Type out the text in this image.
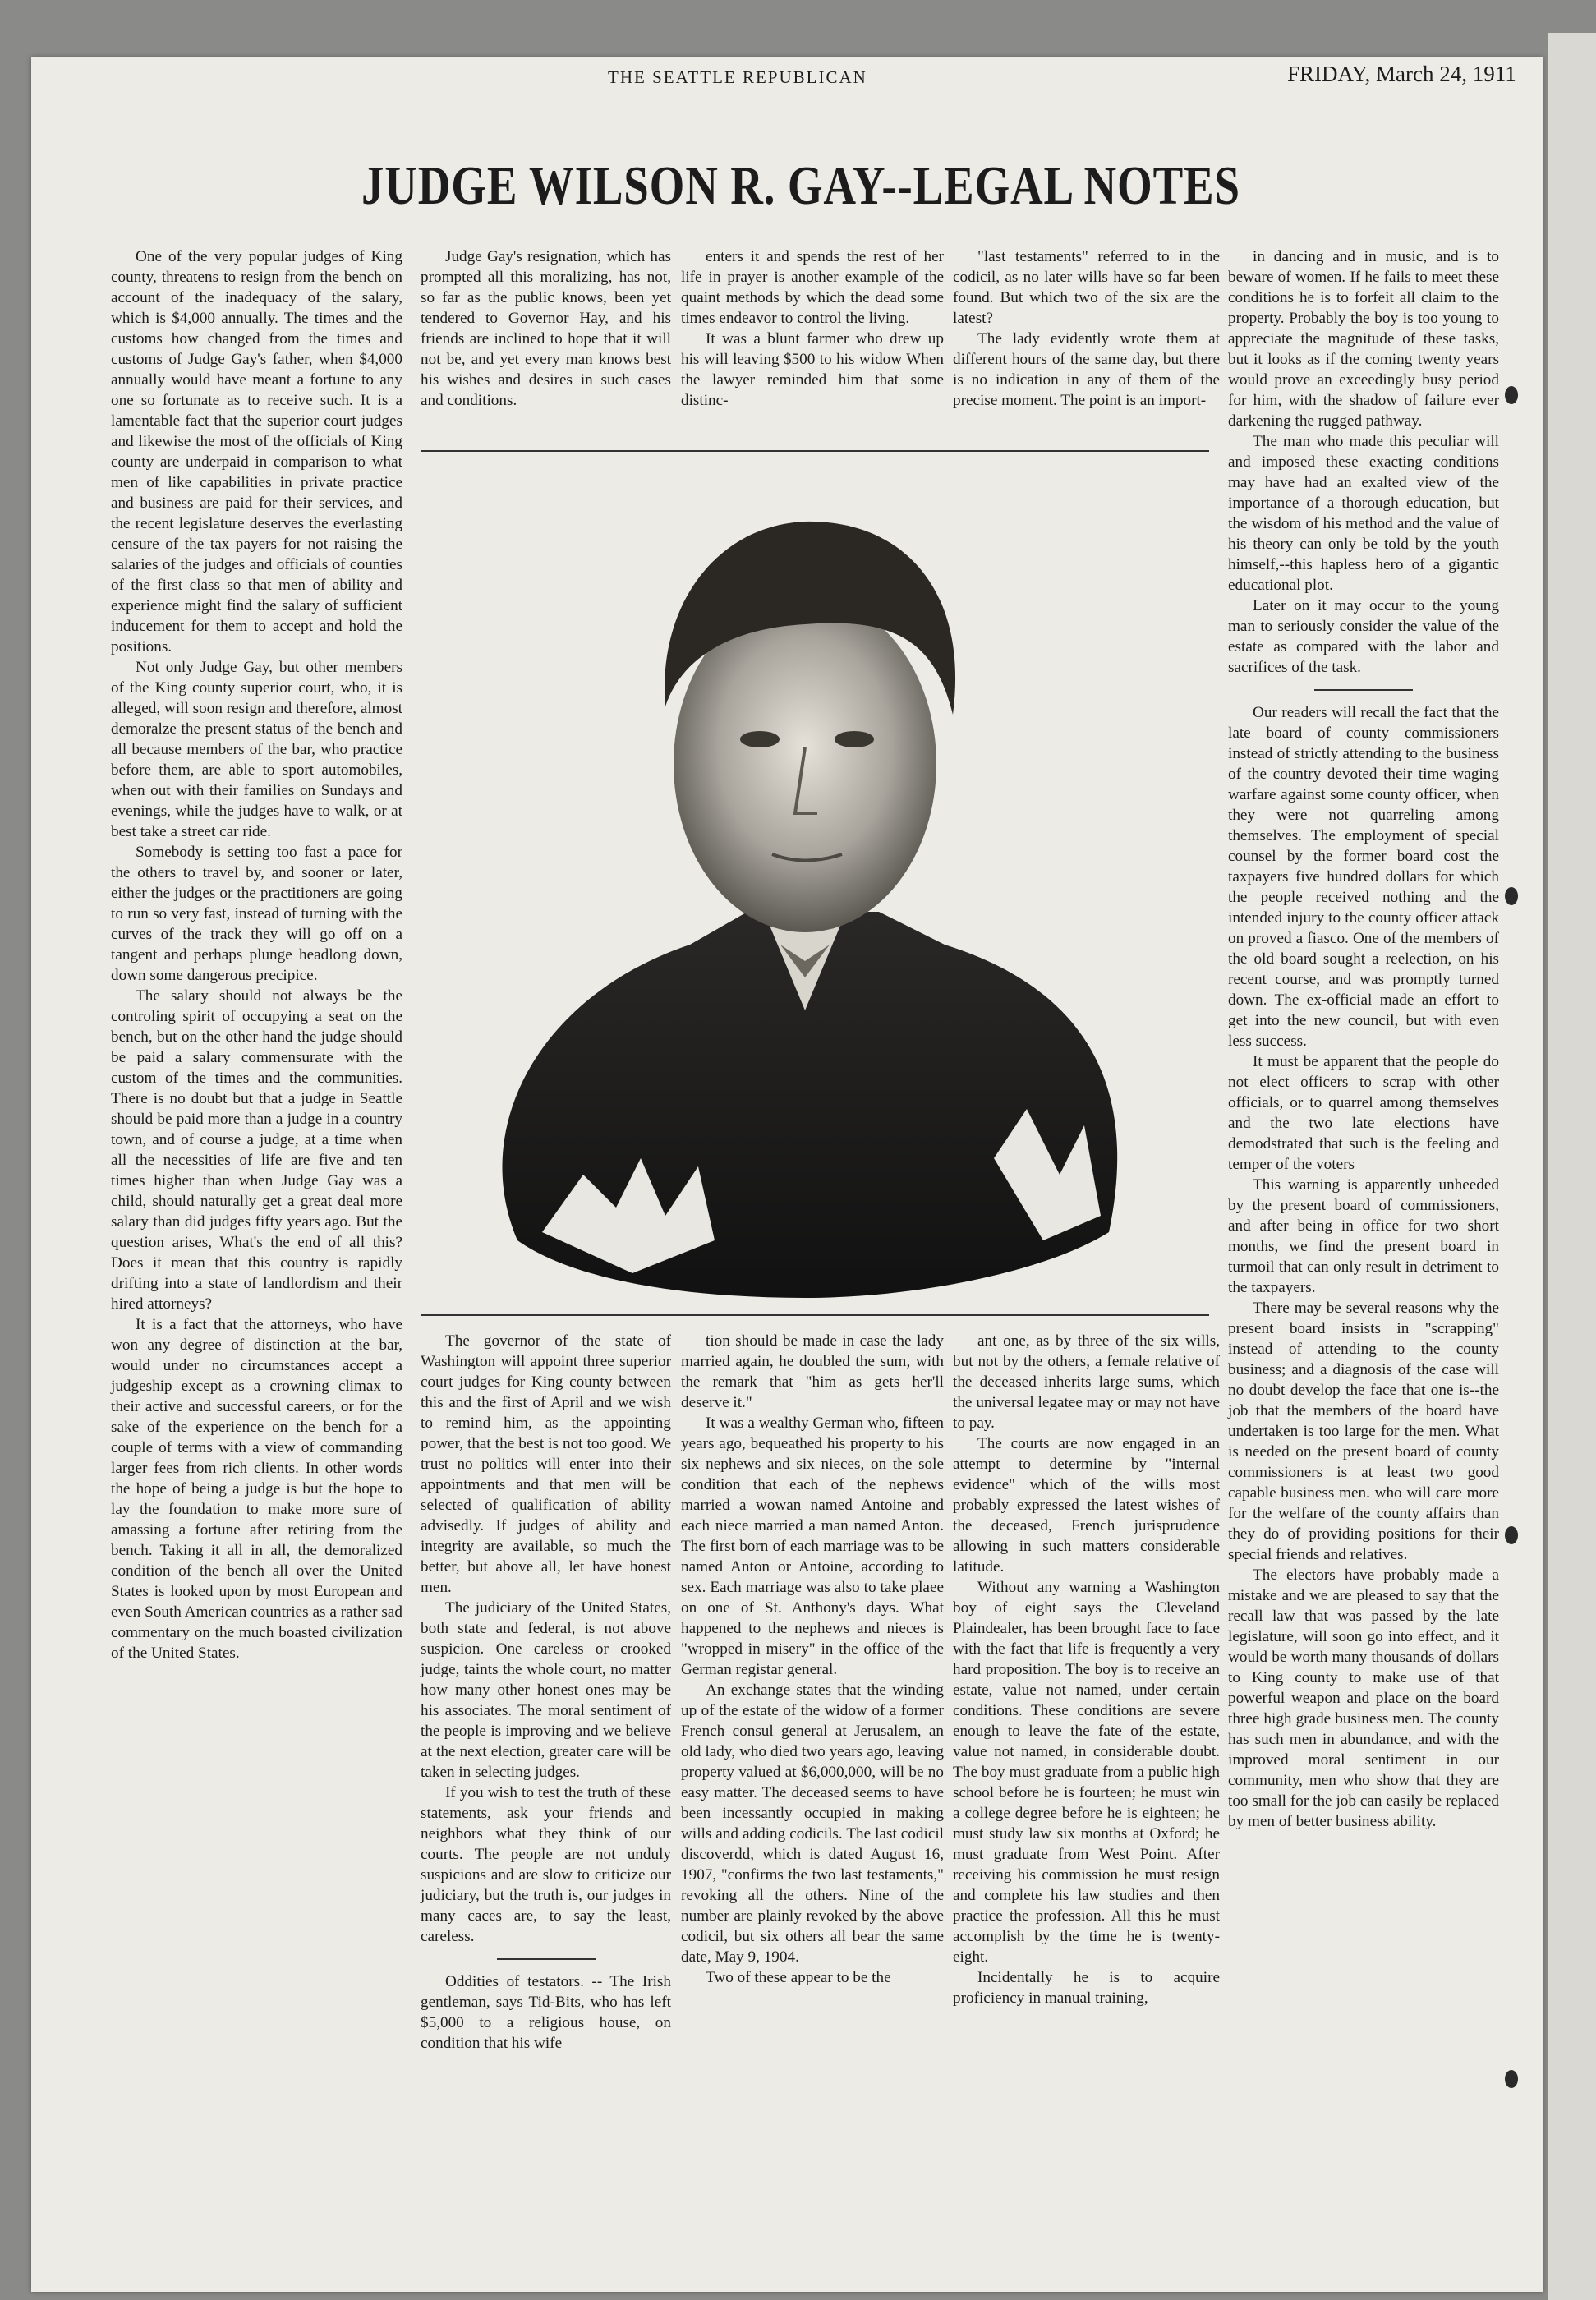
THE SEATTLE REPUBLICAN	FRIDAY, March 24, 1911
JUDGE WILSON R. GAY--LEGAL NOTES

One of the very popular judges of King county, threatens to resign from the bench on account of the inadequacy of the salary, which is $4,000 annually. The times and the customs how changed from the times and customs of Judge Gay's father, when $4,000 annually would have meant a fortune to any one so fortunate as to receive such. It is a lamentable fact that the superior court judges and likewise the most of the officials of King county are underpaid in comparison to what men of like capabilities in private practice and business are paid for their services, and the recent legislature deserves the everlasting censure of the tax payers for not raising the salaries of the judges and officials of counties of the first class so that men of ability and experience might find the salary of sufficient inducement for them to accept and hold the positions.

Not only Judge Gay, but other members of the King county superior court, who, it is alleged, will soon resign and therefore, almost demoralze the present status of the bench and all because members of the bar, who practice before them, are able to sport automobiles, when out with their families on Sundays and evenings, while the judges have to walk, or at best take a street car ride.

Somebody is setting too fast a pace for the others to travel by, and sooner or later, either the judges or the practitioners are going to run so very fast, instead of turning with the curves of the track they will go off on a tangent and perhaps plunge headlong down, down some dangerous precipice.

The salary should not always be the controling spirit of occupying a seat on the bench, but on the other hand the judge should be paid a salary commensurate with the custom of the times and the communities. There is no doubt but that a judge in Seattle should be paid more than a judge in a country town, and of course a judge, at a time when all the necessities of life are five and ten times higher than when Judge Gay was a child, should naturally get a great deal more salary than did judges fifty years ago. But the question arises, What's the end of all this? Does it mean that this country is rapidly drifting into a state of landlordism and their hired attorneys?

It is a fact that the attorneys, who have won any degree of distinction at the bar, would under no circumstances accept a judgeship except as a crowning climax to their active and successful careers, or for the sake of the experience on the bench for a couple of terms with a view of commanding larger fees from rich clients. In other words the hope of being a judge is but the hope to lay the foundation to make more sure of amassing a fortune after retiring from the bench. Taking it all in all, the demoralized condition of the bench all over the United States is looked upon by most European and even South American countries as a rather sad commentary on the much boasted civilization of the United States.

Judge Gay's resignation, which has prompted all this moralizing, has not, so far as the public knows, been yet tendered to Governor Hay, and his friends are inclined to hope that it will not be, and yet every man knows best his wishes and desires in such cases and conditions.

enters it and spends the rest of her life in prayer is another example of the quaint methods by which the dead some times endeavor to control the living.

It was a blunt farmer who drew up his will leaving $500 to his widow When the lawyer reminded him that some distinc-

"last testaments" referred to in the codicil, as no later wills have so far been found. But which two of the six are the latest?

The lady evidently wrote them at different hours of the same day, but there is no indication in any of them of the precise moment. The point is an import-

in dancing and in music, and is to beware of women. If he fails to meet these conditions he is to forfeit all claim to the property. Probably the boy is too young to appreciate the magnitude of these tasks, but it looks as if the coming twenty years would prove an exceedingly busy period for him, with the shadow of failure ever darkening the rugged pathway.

The man who made this peculiar will and imposed these exacting conditions may have had an exalted view of the importance of a thorough education, but the wisdom of his method and the value of his theory can only be told by the youth himself,--this hapless hero of a gigantic educational plot.

Later on it may occur to the young man to seriously consider the value of the estate as compared with the labor and sacrifices of the task.

Our readers will recall the fact that the late board of county commissioners instead of strictly attending to the business of the country devoted their time waging warfare against some county officer, when they were not quarreling among themselves. The employment of special counsel by the former board cost the taxpayers five hundred dollars for which the people received nothing and the intended injury to the county officer attack on proved a fiasco. One of the members of the old board sought a reelection, on his recent course, and was promptly turned down. The ex-official made an effort to get into the new council, but with even less success.

It must be apparent that the people do not elect officers to scrap with other officials, or to quarrel among themselves and the two late elections have demodstrated that such is the feeling and temper of the voters

This warning is apparently unheeded by the present board of commissioners, and after being in office for two short months, we find the present board in turmoil that can only result in detriment to the taxpayers.

There may be several reasons why the present board insists in "scrapping" instead of attending to the county business; and a diagnosis of the case will no doubt develop the face that one is--the job that the members of the board have undertaken is too large for the men. What is needed on the present board of county commissioners is at least two good capable business men. who will care more for the welfare of the county affairs than they do of providing positions for their special friends and relatives.

The electors have probably made a mistake and we are pleased to say that the recall law that was passed by the late legislature, will soon go into effect, and it would be worth many thousands of dollars to King county to make use of that powerful weapon and place on the board three high grade business men. The county has such men in abundance, and with the improved moral sentiment in our community, men who show that they are too small for the job can easily be replaced by men of better business ability.

The governor of the state of Washington will appoint three superior court judges for King county between this and the first of April and we wish to remind him, as the appointing power, that the best is not too good. We trust no politics will enter into their appointments and that men will be selected of qualification of ability advisedly. If judges of ability and integrity are available, so much the better, but above all, let have honest men.

The judiciary of the United States, both state and federal, is not above suspicion. One careless or crooked judge, taints the whole court, no matter how many other honest ones may be his associates. The moral sentiment of the people is improving and we believe at the next election, greater care will be taken in selecting judges.

If you wish to test the truth of these statements, ask your friends and neighbors what they think of our courts. The people are not unduly suspicions and are slow to criticize our judiciary, but the truth is, our judges in many caces are, to say the least, careless.

Oddities of testators. -- The Irish gentleman, says Tid-Bits, who has left $5,000 to a religious house, on condition that his wife

tion should be made in case the lady married again, he doubled the sum, with the remark that "him as gets her'll deserve it."

It was a wealthy German who, fifteen years ago, bequeathed his property to his six nephews and six nieces, on the sole condition that each of the nephews married a wowan named Antoine and each niece married a man named Anton. The first born of each marriage was to be named Anton or Antoine, according to sex. Each marriage was also to take plaee on one of St. Anthony's days. What happened to the nephews and nieces is "wropped in misery" in the office of the German registar general.

An exchange states that the winding up of the estate of the widow of a former French consul general at Jerusalem, an old lady, who died two years ago, leaving property valued at $6,000,000, will be no easy matter. The deceased seems to have been incessantly occupied in making wills and adding codicils. The last codicil discoverdd, which is dated August 16, 1907, "confirms the two last testaments," revoking all the others. Nine of the number are plainly revoked by the above codicil, but six others all bear the same date, May 9, 1904.

Two of these appear to be the

ant one, as by three of the six wills, but not by the others, a female relative of the deceased inherits large sums, which the universal legatee may or may not have to pay.

The courts are now engaged in an attempt to determine by "internal evidence" which of the wills most probably expressed the latest wishes of the deceased, French jurisprudence allowing in such matters considerable latitude.

Without any warning a Washington boy of eight says the Cleveland Plaindealer, has been brought face to face with the fact that life is frequently a very hard proposition. The boy is to receive an estate, value not named, under certain conditions. These conditions are severe enough to leave the fate of the estate, value not named, in considerable doubt. The boy must graduate from a public high school before he is fourteen; he must win a college degree before he is eighteen; he must study law six months at Oxford; he must graduate from West Point. After receiving his commission he must resign and complete his law studies and then practice the profession. All this he must accomplish by the time he is twenty-eight.

Incidentally he is to acquire proficiency in manual training,
